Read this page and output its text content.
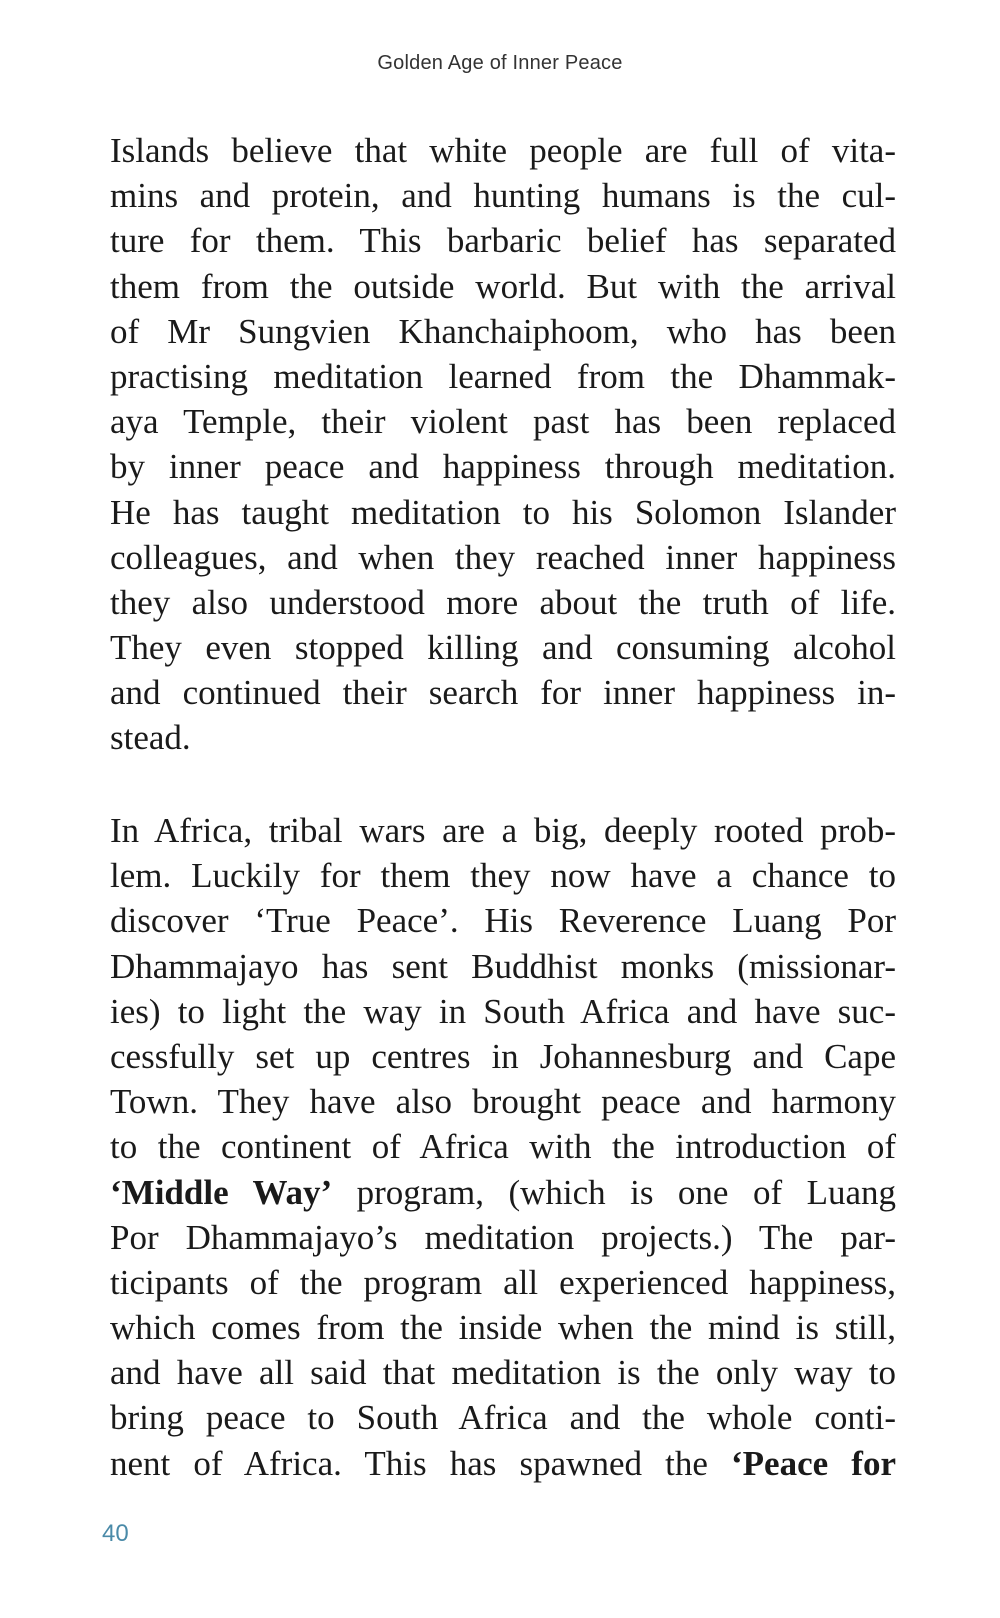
Golden Age of Inner Peace
Islands believe that white people are full of vita-
mins and protein, and hunting humans is the cul-
ture for them. This barbaric belief has separated
them from the outside world. But with the arrival
of Mr Sungvien Khanchaiphoom, who has been
practising meditation learned from the Dhammak-
aya Temple, their violent past has been replaced
by inner peace and happiness through meditation.
He has taught meditation to his Solomon Islander
colleagues, and when they reached inner happiness
they also understood more about the truth of life.
They even stopped killing and consuming alcohol
and continued their search for inner happiness in-
stead.
In Africa, tribal wars are a big, deeply rooted prob-
lem. Luckily for them they now have a chance to
discover ‘True Peace’. His Reverence Luang Por
Dhammajayo has sent Buddhist monks (missionar-
ies) to light the way in South Africa and have suc-
cessfully set up centres in Johannesburg and Cape
Town. They have also brought peace and harmony
to the continent of Africa with the introduction of
‘Middle Way’ program, (which is one of Luang
Por Dhammajayo’s meditation projects.) The par-
ticipants of the program all experienced happiness,
which comes from the inside when the mind is still,
and have all said that meditation is the only way to
bring peace to South Africa and the whole conti-
nent of Africa. This has spawned the ‘Peace for
40
